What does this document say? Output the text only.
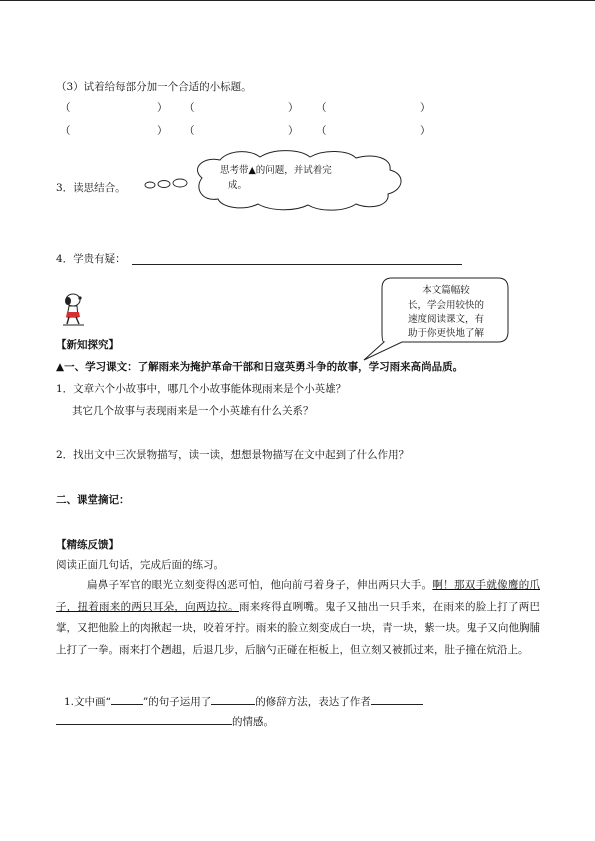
（3）试着给每部分加一个合适的小标题。
（	） （	） （	）
（	） （	） （	）
3．读思结合。
思考带▲的问题，并试着完
成。
4．学贵有疑：
本文篇幅较
长，学会用较快的
速度阅读课文，有
助于你更快地了解
【新知探究】
▲一、学习课文：了解雨来为掩护革命干部和日寇英勇斗争的故事，学习雨来高尚品质。
1．文章六个小故事中，哪几个小故事能体现雨来是个小英雄？
其它几个故事与表现雨来是一个小英雄有什么关系？
2．找出文中三次景物描写，读一读，想想景物描写在文中起到了什么作用？
二、课堂摘记：
【精练反馈】
阅读正面几句话，完成后面的练习。
扁鼻子军官的眼光立刻变得凶恶可怕，他向前弓着身子，伸出两只大手。啊！那双手就像鹰的爪子，扭着雨来的两只耳朵，向两边拉。雨来疼得直咧嘴。鬼子又抽出一只手来，在雨来的脸上打了两巴掌，又把他脸上的肉揪起一块，咬着牙拧。雨来的脸立刻变成白一块，青一块，紫一块。鬼子又向他胸脯上打了一拳。雨来打个趔趄，后退几步，后脑勺正碰在柜板上，但立刻又被抓过来，肚子撞在炕沿上。
1.文中画“	”的句子运用了	的修辞方法，表达了作者
的情感。
